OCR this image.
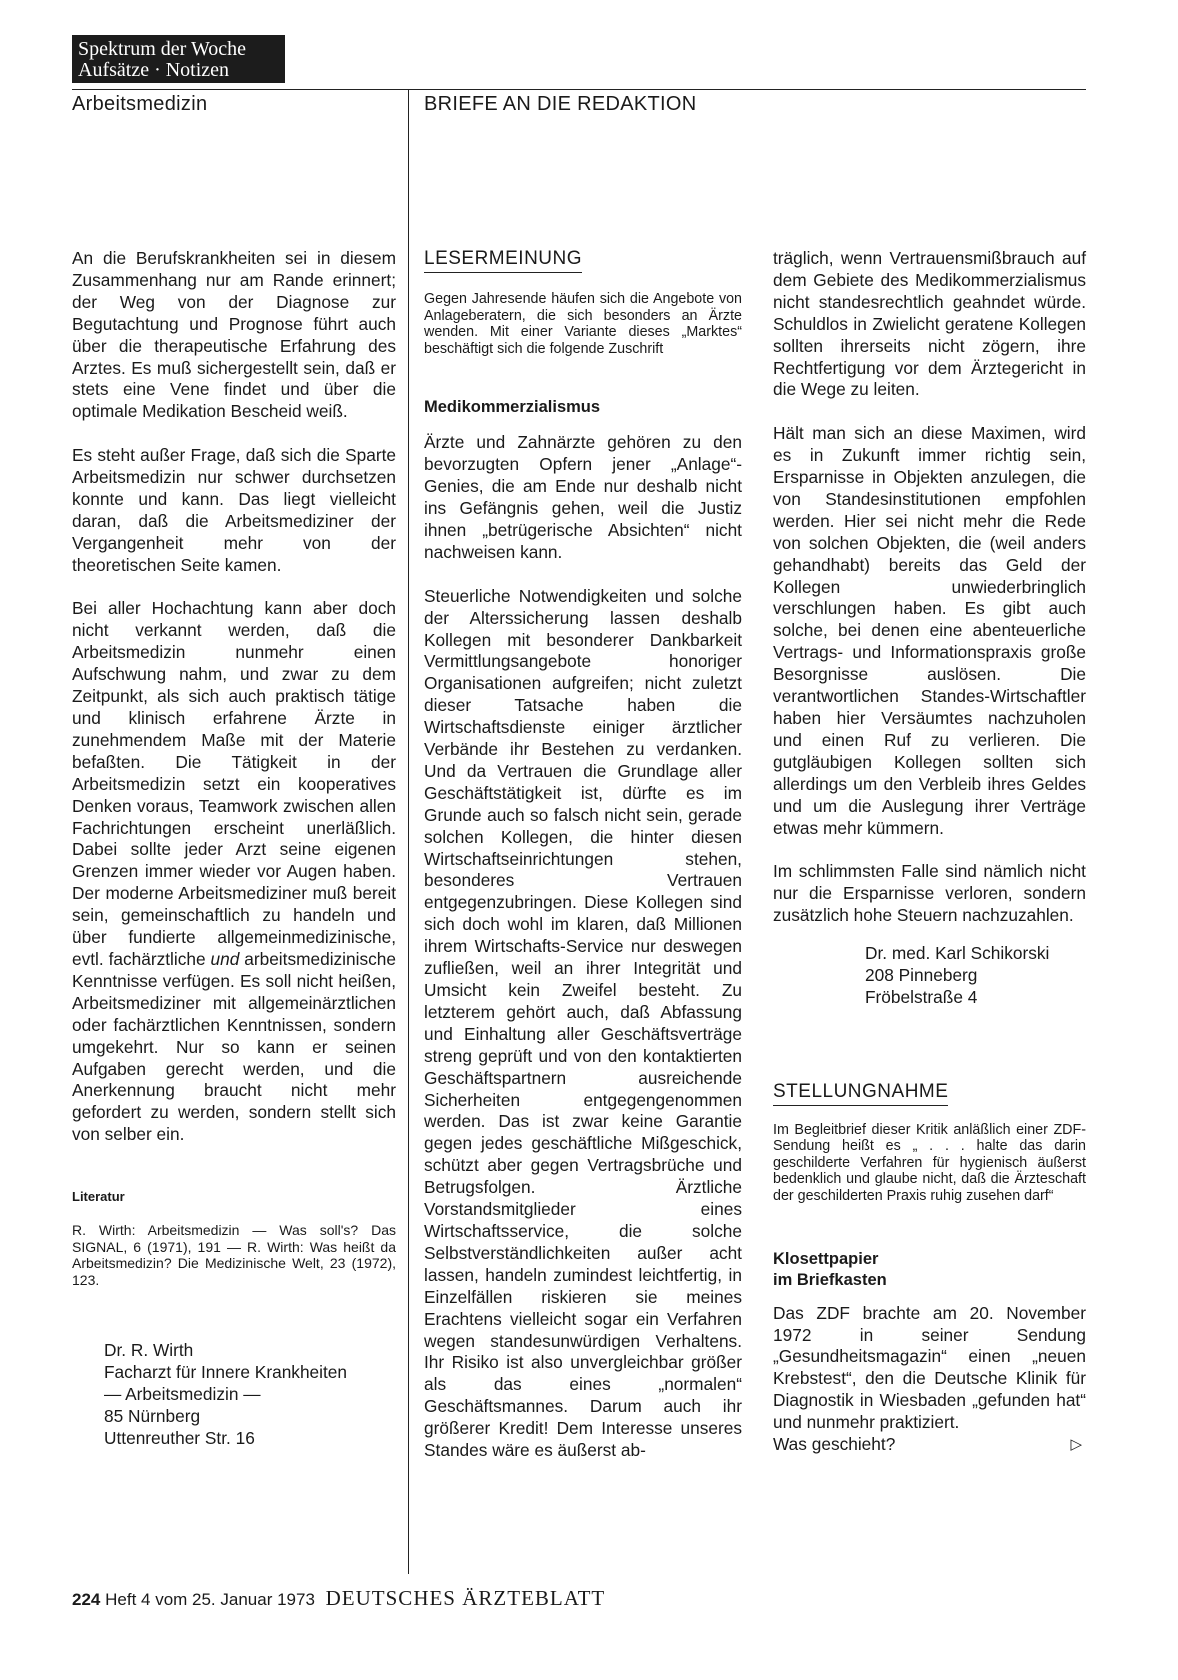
Spektrum der Woche
Aufsätze · Notizen
Arbeitsmedizin	BRIEFE AN DIE REDAKTION

An die Berufskrankheiten sei in diesem Zusammenhang nur am Rande erinnert; der Weg von der Diagnose zur Begutachtung und Prognose führt auch über die therapeutische Erfahrung des Arztes. Es muß sichergestellt sein, daß er stets eine Vene findet und über die optimale Medikation Bescheid weiß.

Es steht außer Frage, daß sich die Sparte Arbeitsmedizin nur schwer durchsetzen konnte und kann. Das liegt vielleicht daran, daß die Arbeitsmediziner der Vergangenheit mehr von der theoretischen Seite kamen.

Bei aller Hochachtung kann aber doch nicht verkannt werden, daß die Arbeitsmedizin nunmehr einen Aufschwung nahm, und zwar zu dem Zeitpunkt, als sich auch praktisch tätige und klinisch erfahrene Ärzte in zunehmendem Maße mit der Materie befaßten. Die Tätigkeit in der Arbeitsmedizin setzt ein kooperatives Denken voraus, Teamwork zwischen allen Fachrichtungen erscheint unerläßlich. Dabei sollte jeder Arzt seine eigenen Grenzen immer wieder vor Augen haben. Der moderne Arbeitsmediziner muß bereit sein, gemeinschaftlich zu handeln und über fundierte allgemeinmedizinische, evtl. fachärztliche und arbeitsmedizinische Kenntnisse verfügen. Es soll nicht heißen, Arbeitsmediziner mit allgemeinärztlichen oder fachärztlichen Kenntnissen, sondern umgekehrt. Nur so kann er seinen Aufgaben gerecht werden, und die Anerkennung braucht nicht mehr gefordert zu werden, sondern stellt sich von selber ein.

Literatur
R. Wirth: Arbeitsmedizin — Was soll's? Das SIGNAL, 6 (1971), 191 — R. Wirth: Was heißt da Arbeitsmedizin? Die Medizinische Welt, 23 (1972), 123.
Dr. R. Wirth
Facharzt für Innere Krankheiten
— Arbeitsmedizin —
85 Nürnberg
Uttenreuther Str. 16
LESERMEINUNG
Gegen Jahresende häufen sich die Angebote von Anlageberatern, die sich besonders an Ärzte wenden. Mit einer Variante dieses „Marktes“ beschäftigt sich die folgende Zuschrift
Medikommerzialismus

Ärzte und Zahnärzte gehören zu den bevorzugten Opfern jener „Anlage“-Genies, die am Ende nur deshalb nicht ins Gefängnis gehen, weil die Justiz ihnen „betrügerische Absichten“ nicht nachweisen kann.

Steuerliche Notwendigkeiten und solche der Alterssicherung lassen deshalb Kollegen mit besonderer Dankbarkeit Vermittlungsangebote honoriger Organisationen aufgreifen; nicht zuletzt dieser Tatsache haben die Wirtschaftsdienste einiger ärztlicher Verbände ihr Bestehen zu verdanken. Und da Vertrauen die Grundlage aller Geschäftstätigkeit ist, dürfte es im Grunde auch so falsch nicht sein, gerade solchen Kollegen, die hinter diesen Wirtschaftseinrichtungen stehen, besonderes Vertrauen entgegenzubringen. Diese Kollegen sind sich doch wohl im klaren, daß Millionen ihrem Wirtschafts-Service nur deswegen zufließen, weil an ihrer Integrität und Umsicht kein Zweifel besteht. Zu letzterem gehört auch, daß Abfassung und Einhaltung aller Geschäftsverträge streng geprüft und von den kontaktierten Geschäftspartnern ausreichende Sicherheiten entgegengenommen werden. Das ist zwar keine Garantie gegen jedes geschäftliche Mißgeschick, schützt aber gegen Vertragsbrüche und Betrugsfolgen. Ärztliche Vorstandsmitglieder eines Wirtschaftsservice, die solche Selbstverständlichkeiten außer acht lassen, handeln zumindest leichtfertig, in Einzelfällen riskieren sie meines Erachtens vielleicht sogar ein Verfahren wegen standesunwürdigen Verhaltens. Ihr Risiko ist also unvergleichbar größer als das eines „normalen“ Geschäftsmannes. Darum auch ihr größerer Kredit! Dem Interesse unseres Standes wäre es äußerst ab-

träglich, wenn Vertrauensmißbrauch auf dem Gebiete des Medikommerzialismus nicht standesrechtlich geahndet würde. Schuldlos in Zwielicht geratene Kollegen sollten ihrerseits nicht zögern, ihre Rechtfertigung vor dem Ärztegericht in die Wege zu leiten.

Hält man sich an diese Maximen, wird es in Zukunft immer richtig sein, Ersparnisse in Objekten anzulegen, die von Standesinstitutionen empfohlen werden. Hier sei nicht mehr die Rede von solchen Objekten, die (weil anders gehandhabt) bereits das Geld der Kollegen unwiederbringlich verschlungen haben. Es gibt auch solche, bei denen eine abenteuerliche Vertrags- und Informationspraxis große Besorgnisse auslösen. Die verantwortlichen Standes-Wirtschaftler haben hier Versäumtes nachzuholen und einen Ruf zu verlieren. Die gutgläubigen Kollegen sollten sich allerdings um den Verbleib ihres Geldes und um die Auslegung ihrer Verträge etwas mehr kümmern.

Im schlimmsten Falle sind nämlich nicht nur die Ersparnisse verloren, sondern zusätzlich hohe Steuern nachzuzahlen.

Dr. med. Karl Schikorski
208 Pinneberg
Fröbelstraße 4
STELLUNGNAHME
Im Begleitbrief dieser Kritik anläßlich einer ZDF-Sendung heißt es „ . . . halte das darin geschilderte Verfahren für hygienisch äußerst bedenklich und glaube nicht, daß die Ärzteschaft der geschilderten Praxis ruhig zusehen darf“
Klosettpapier
im Briefkasten

Das ZDF brachte am 20. November 1972 in seiner Sendung „Gesundheitsmagazin“ einen „neuen Krebstest“, den die Deutsche Klinik für Diagnostik in Wiesbaden „gefunden hat“ und nunmehr praktiziert.

Was geschieht?	▷
224 Heft 4 vom 25. Januar 1973 DEUTSCHES ÄRZTEBLATT
